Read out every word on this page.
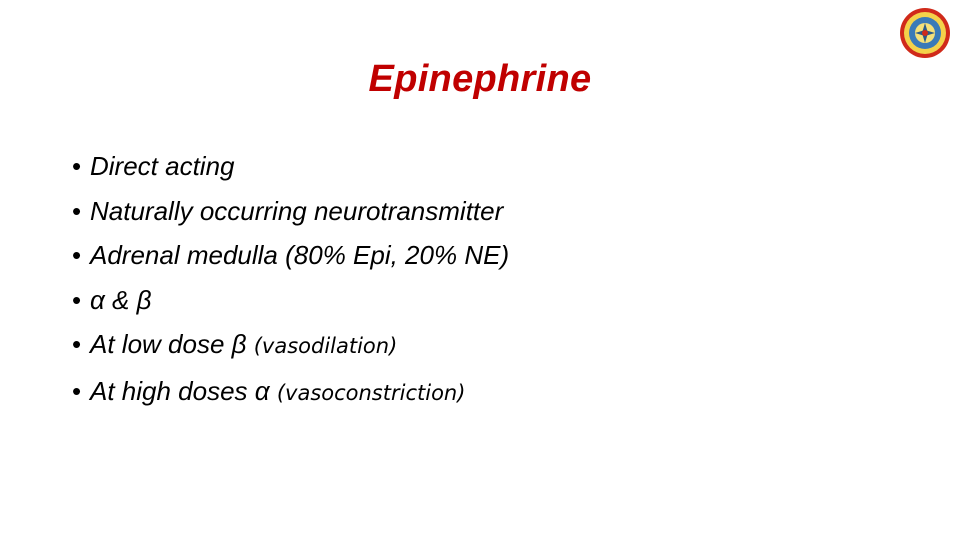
Epinephrine
• Direct acting
• Naturally occurring neurotransmitter
• Adrenal medulla (80% Epi, 20% NE)
• α & β
• At low dose β (vasodilation)
• At high doses α (vasoconstriction)
